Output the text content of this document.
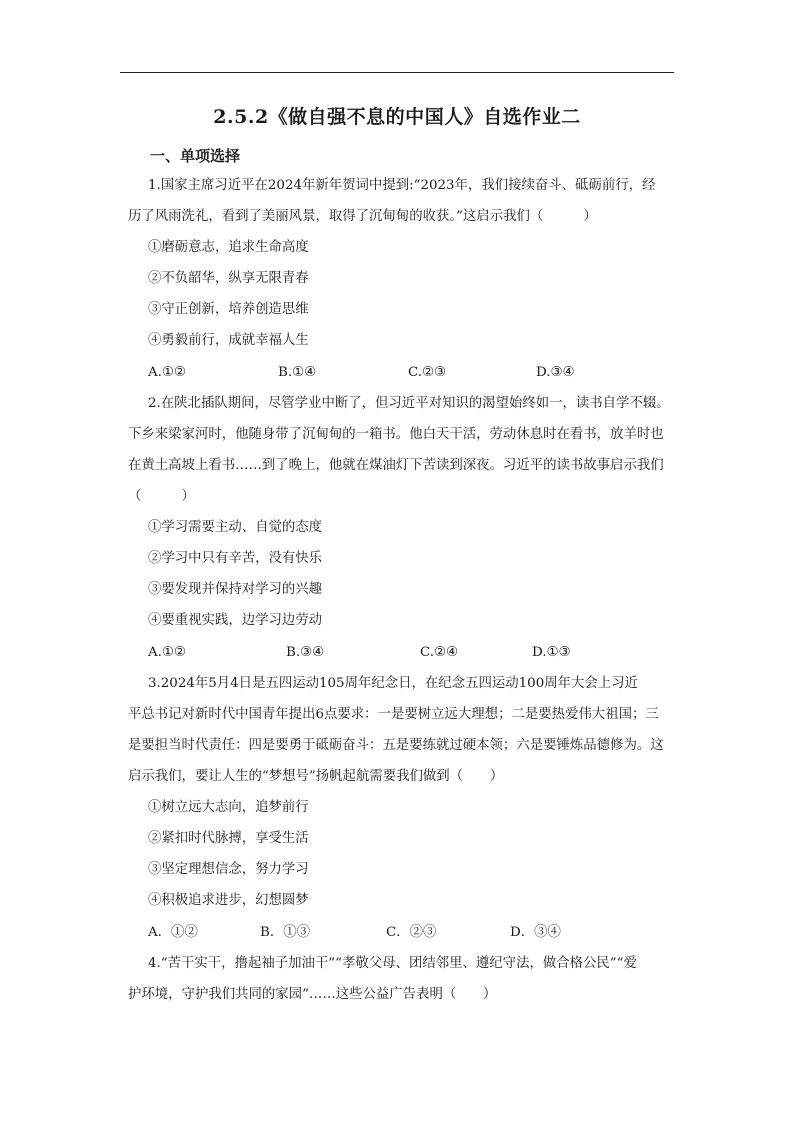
2.5.2《做自强不息的中国人》自选作业二
一、单项选择
1.国家主席习近平在2024年新年贺词中提到:“2023年，我们接续奋斗、砥砺前行，经
历了风雨洗礼，看到了美丽风景，取得了沉甸甸的收获。”这启示我们（　　　）
①磨砺意志，追求生命高度
②不负韶华，纵享无限青春
③守正创新，培养创造思维
④勇毅前行，成就幸福人生
A.①②	B.①④	C.②③	D.③④
2.在陕北插队期间，尽管学业中断了，但习近平对知识的渴望始终如一，读书自学不辍。
下乡来梁家河时，他随身带了沉甸甸的一箱书。他白天干活，劳动休息时在看书，放羊时也
在黄土高坡上看书……到了晚上，他就在煤油灯下苦读到深夜。习近平的读书故事启示我们
（　　　）
①学习需要主动、自觉的态度
②学习中只有辛苦，没有快乐
③要发现并保持对学习的兴趣
④要重视实践，边学习边劳动
A.①②	B.③④	C.②④	D.①③
3.2024年5月4日是五四运动105周年纪念日，在纪念五四运动100周年大会上习近
平总书记对新时代中国青年提出6点要求：一是要树立远大理想；二是要热爱伟大祖国；三
是要担当时代责任：四是要勇于砥砺奋斗：五是要练就过硬本领；六是要锤炼品德修为。这
启示我们，要让人生的“梦想号”扬帆起航需要我们做到（　　）
①树立远大志向，追梦前行
②紧扣时代脉搏，享受生活
③坚定理想信念，努力学习
④积极追求进步，幻想圆梦
A．①②	B．①③	C．②③	D．③④
4.“苦干实干，撸起袖子加油干”“孝敬父母、团结邻里、遵纪守法，做合格公民”“爱
护环境，守护我们共同的家园”……这些公益广告表明（　　）
